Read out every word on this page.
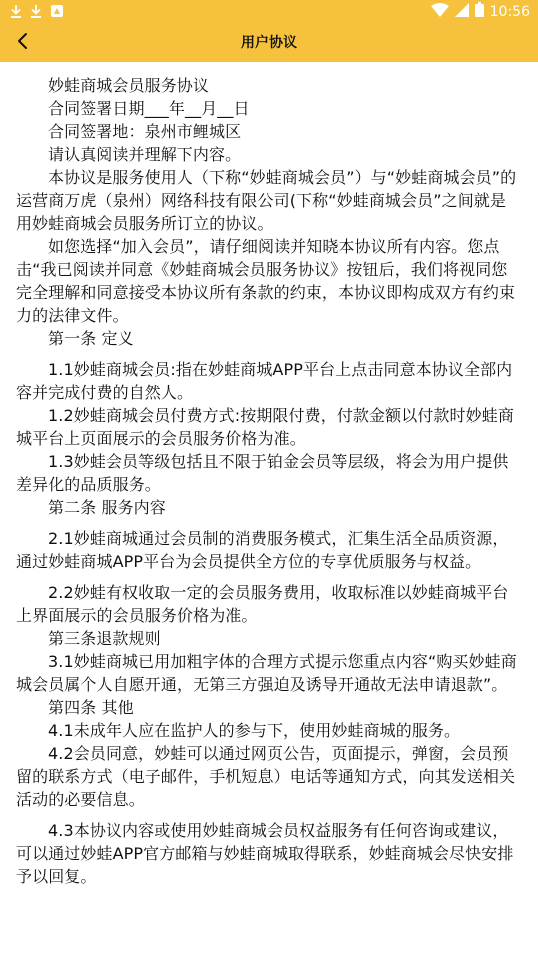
10:56
用户协议

妙蛙商城会员服务协议

合同签署日期___年__月__日

合同签署地：泉州市鲤城区

请认真阅读并理解下内容。

本协议是服务使用人（下称“妙蛙商城会员”）与“妙蛙商城会员”的运营商万虎（泉州）网络科技有限公司(下称“妙蛙商城会员”之间就是用妙蛙商城会员服务所订立的协议。

如您选择“加入会员”，请仔细阅读并知晓本协议所有内容。您点击“我已阅读并同意《妙蛙商城会员服务协议》按钮后，我们将视同您完全理解和同意接受本协议所有条款的约束，本协议即构成双方有约束力的法律文件。

第一条 定义

1.1妙蛙商城会员:指在妙蛙商城APP平台上点击同意本协议全部内容并完成付费的自然人。

1.2妙蛙商城会员付费方式:按期限付费，付款金额以付款时妙蛙商城平台上页面展示的会员服务价格为准。

1.3妙蛙会员等级包括且不限于铂金会员等层级，将会为用户提供差异化的品质服务。

第二条 服务内容

2.1妙蛙商城通过会员制的消费服务模式，汇集生活全品质资源，通过妙蛙商城APP平台为会员提供全方位的专享优质服务与权益。

2.2妙蛙有权收取一定的会员服务费用，收取标准以妙蛙商城平台上界面展示的会员服务价格为准。

第三条退款规则

3.1妙蛙商城已用加粗字体的合理方式提示您重点内容“购买妙蛙商城会员属个人自愿开通，无第三方强迫及诱导开通故无法申请退款”。

第四条 其他

4.1未成年人应在监护人的参与下，使用妙蛙商城的服务。

4.2会员同意，妙蛙可以通过网页公告，页面提示，弹窗，会员预留的联系方式（电子邮件，手机短息）电话等通知方式，向其发送相关活动的必要信息。

4.3本协议内容或使用妙蛙商城会员权益服务有任何咨询或建议，可以通过妙蛙APP官方邮箱与妙蛙商城取得联系，妙蛙商城会尽快安排予以回复。
